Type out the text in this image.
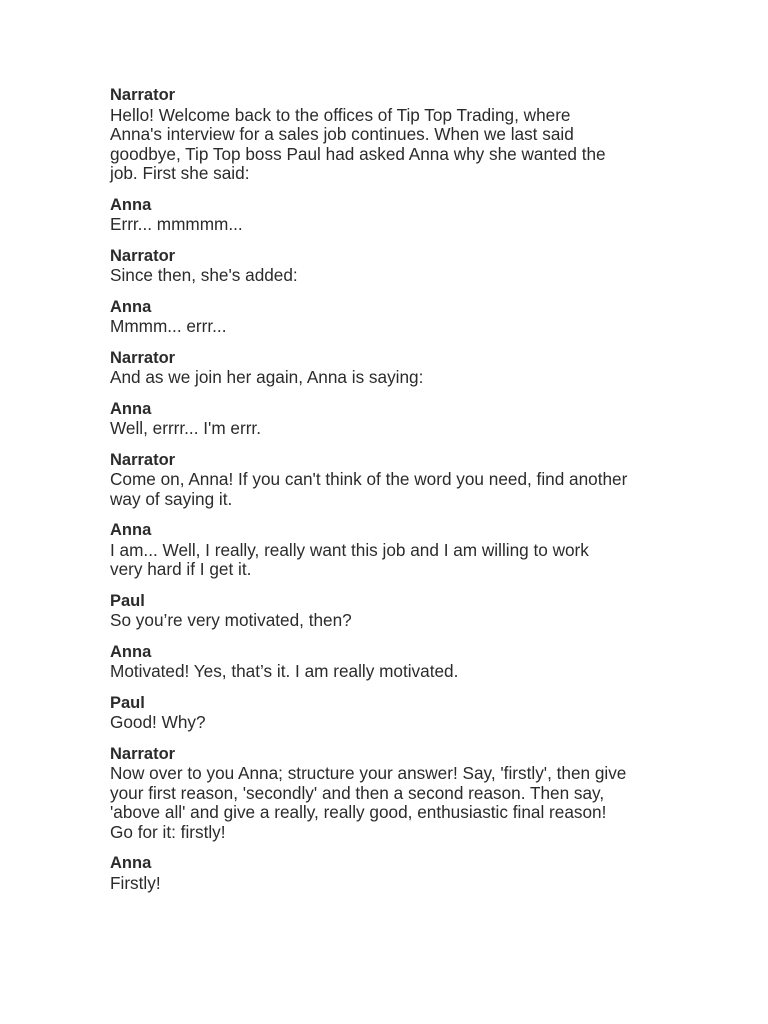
Narrator
Hello! Welcome back to the offices of Tip Top Trading, where
Anna's interview for a sales job continues. When we last said
goodbye, Tip Top boss Paul had asked Anna why she wanted the
job. First she said:
Anna
Errr... mmmmm...
Narrator
Since then, she's added:
Anna
Mmmm... errr...
Narrator
And as we join her again, Anna is saying:
Anna
Well, errrr... I'm errr.
Narrator
Come on, Anna! If you can't think of the word you need, find another
way of saying it.
Anna
I am... Well, I really, really want this job and I am willing to work
very hard if I get it.
Paul
So you’re very motivated, then?
Anna
Motivated! Yes, that’s it. I am really motivated.
Paul
Good! Why?
Narrator
Now over to you Anna; structure your answer! Say, 'firstly', then give
your first reason, 'secondly' and then a second reason. Then say,
'above all' and give a really, really good, enthusiastic final reason!
Go for it: firstly!
Anna
Firstly!
